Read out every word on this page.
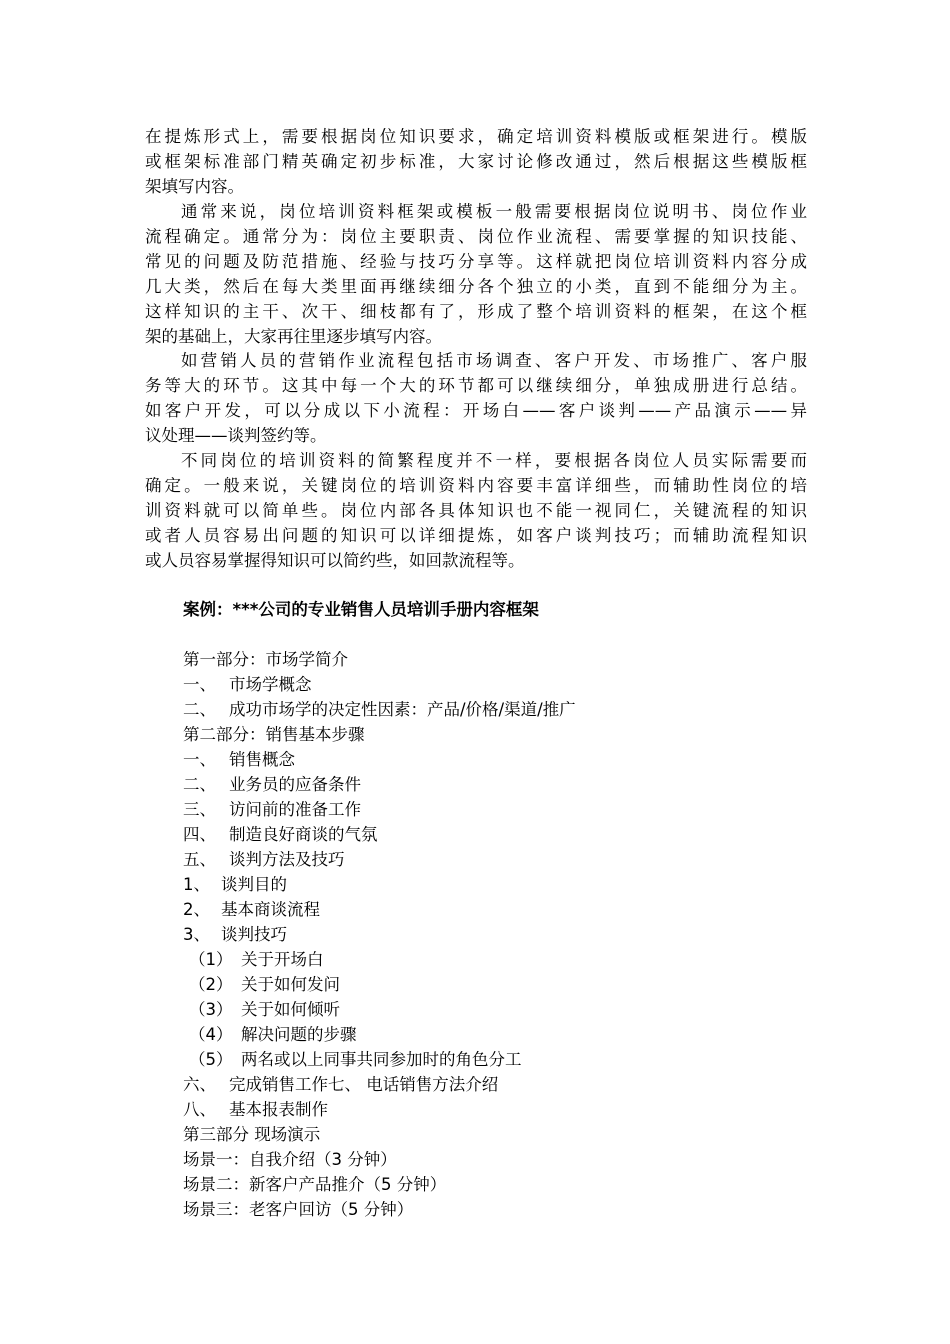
在提炼形式上，需要根据岗位知识要求，确定培训资料模版或框架进行。模版
或框架标准部门精英确定初步标准，大家讨论修改通过，然后根据这些模版框
架填写内容。
通常来说，岗位培训资料框架或模板一般需要根据岗位说明书、岗位作业
流程确定。通常分为：岗位主要职责、岗位作业流程、需要掌握的知识技能、
常见的问题及防范措施、经验与技巧分享等。这样就把岗位培训资料内容分成
几大类，然后在每大类里面再继续细分各个独立的小类，直到不能细分为主。
这样知识的主干、次干、细枝都有了，形成了整个培训资料的框架，在这个框
架的基础上，大家再往里逐步填写内容。
如营销人员的营销作业流程包括市场调查、客户开发、市场推广、客户服
务等大的环节。这其中每一个大的环节都可以继续细分，单独成册进行总结。
如客户开发，可以分成以下小流程：开场白——客户谈判——产品演示——异
议处理——谈判签约等。
不同岗位的培训资料的简繁程度并不一样，要根据各岗位人员实际需要而
确定。一般来说，关键岗位的培训资料内容要丰富详细些，而辅助性岗位的培
训资料就可以简单些。岗位内部各具体知识也不能一视同仁，关键流程的知识
或者人员容易出问题的知识可以详细提炼，如客户谈判技巧；而辅助流程知识
或人员容易掌握得知识可以简约些，如回款流程等。
案例：***公司的专业销售人员培训手册内容框架
第一部分：市场学简介
一、 市场学概念
二、 成功市场学的决定性因素：产品/价格/渠道/推广
第二部分：销售基本步骤
一、 销售概念
二、 业务员的应备条件
三、 访问前的准备工作
四、 制造良好商谈的气氛
五、 谈判方法及技巧
1、 谈判目的
2、 基本商谈流程
3、 谈判技巧
（1） 关于开场白
（2） 关于如何发问
（3） 关于如何倾听
（4） 解决问题的步骤
（5） 两名或以上同事共同参加时的角色分工
六、 完成销售工作七、 电话销售方法介绍
八、 基本报表制作
第三部分 现场演示
场景一：自我介绍（3 分钟）
场景二：新客户产品推介（5 分钟）
场景三：老客户回访（5 分钟）
